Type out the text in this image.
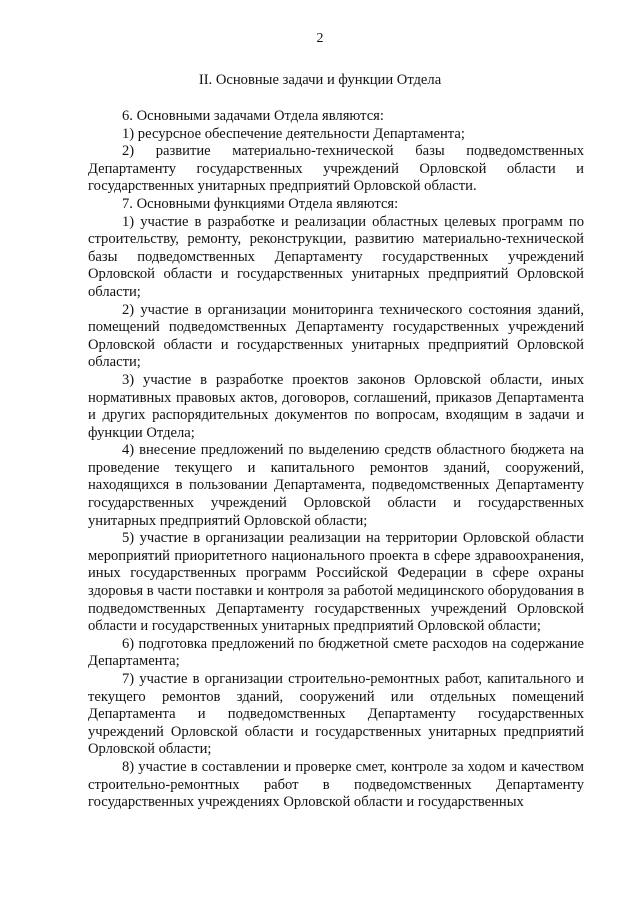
2
II. Основные задачи и функции Отдела

6. Основными задачами Отдела являются:

1) ресурсное обеспечение деятельности Департамента;

2) развитие материально-технической базы подведомственных Департаменту государственных учреждений Орловской области и государственных унитарных предприятий Орловской области.

7. Основными функциями Отдела являются:

1) участие в разработке и реализации областных целевых программ по строительству, ремонту, реконструкции, развитию материально-технической базы подведомственных Департаменту государственных учреждений Орловской области и государственных унитарных предприятий Орловской области;

2) участие в организации мониторинга технического состояния зданий, помещений подведомственных Департаменту государственных учреждений Орловской области и государственных унитарных предприятий Орловской области;

3) участие в разработке проектов законов Орловской области, иных нормативных правовых актов, договоров, соглашений, приказов Департамента и других распорядительных документов по вопросам, входящим в задачи и функции Отдела;

4) внесение предложений по выделению средств областного бюджета на проведение текущего и капитального ремонтов зданий, сооружений, находящихся в пользовании Департамента, подведомственных Департаменту государственных учреждений Орловской области и государственных унитарных предприятий Орловской области;

5) участие в организации реализации на территории Орловской области мероприятий приоритетного национального проекта в сфере здравоохранения, иных государственных программ Российской Федерации в сфере охраны здоровья в части поставки и контроля за работой медицинского оборудования в подведомственных Департаменту государственных учреждений Орловской области и государственных унитарных предприятий Орловской области;

6) подготовка предложений по бюджетной смете расходов на содержание Департамента;

7) участие в организации строительно-ремонтных работ, капитального и текущего ремонтов зданий, сооружений или отдельных помещений Департамента и подведомственных Департаменту государственных учреждений Орловской области и государственных унитарных предприятий Орловской области;

8) участие в составлении и проверке смет, контроле за ходом и качеством строительно-ремонтных работ в подведомственных Департаменту государственных учреждениях Орловской области и государственных
